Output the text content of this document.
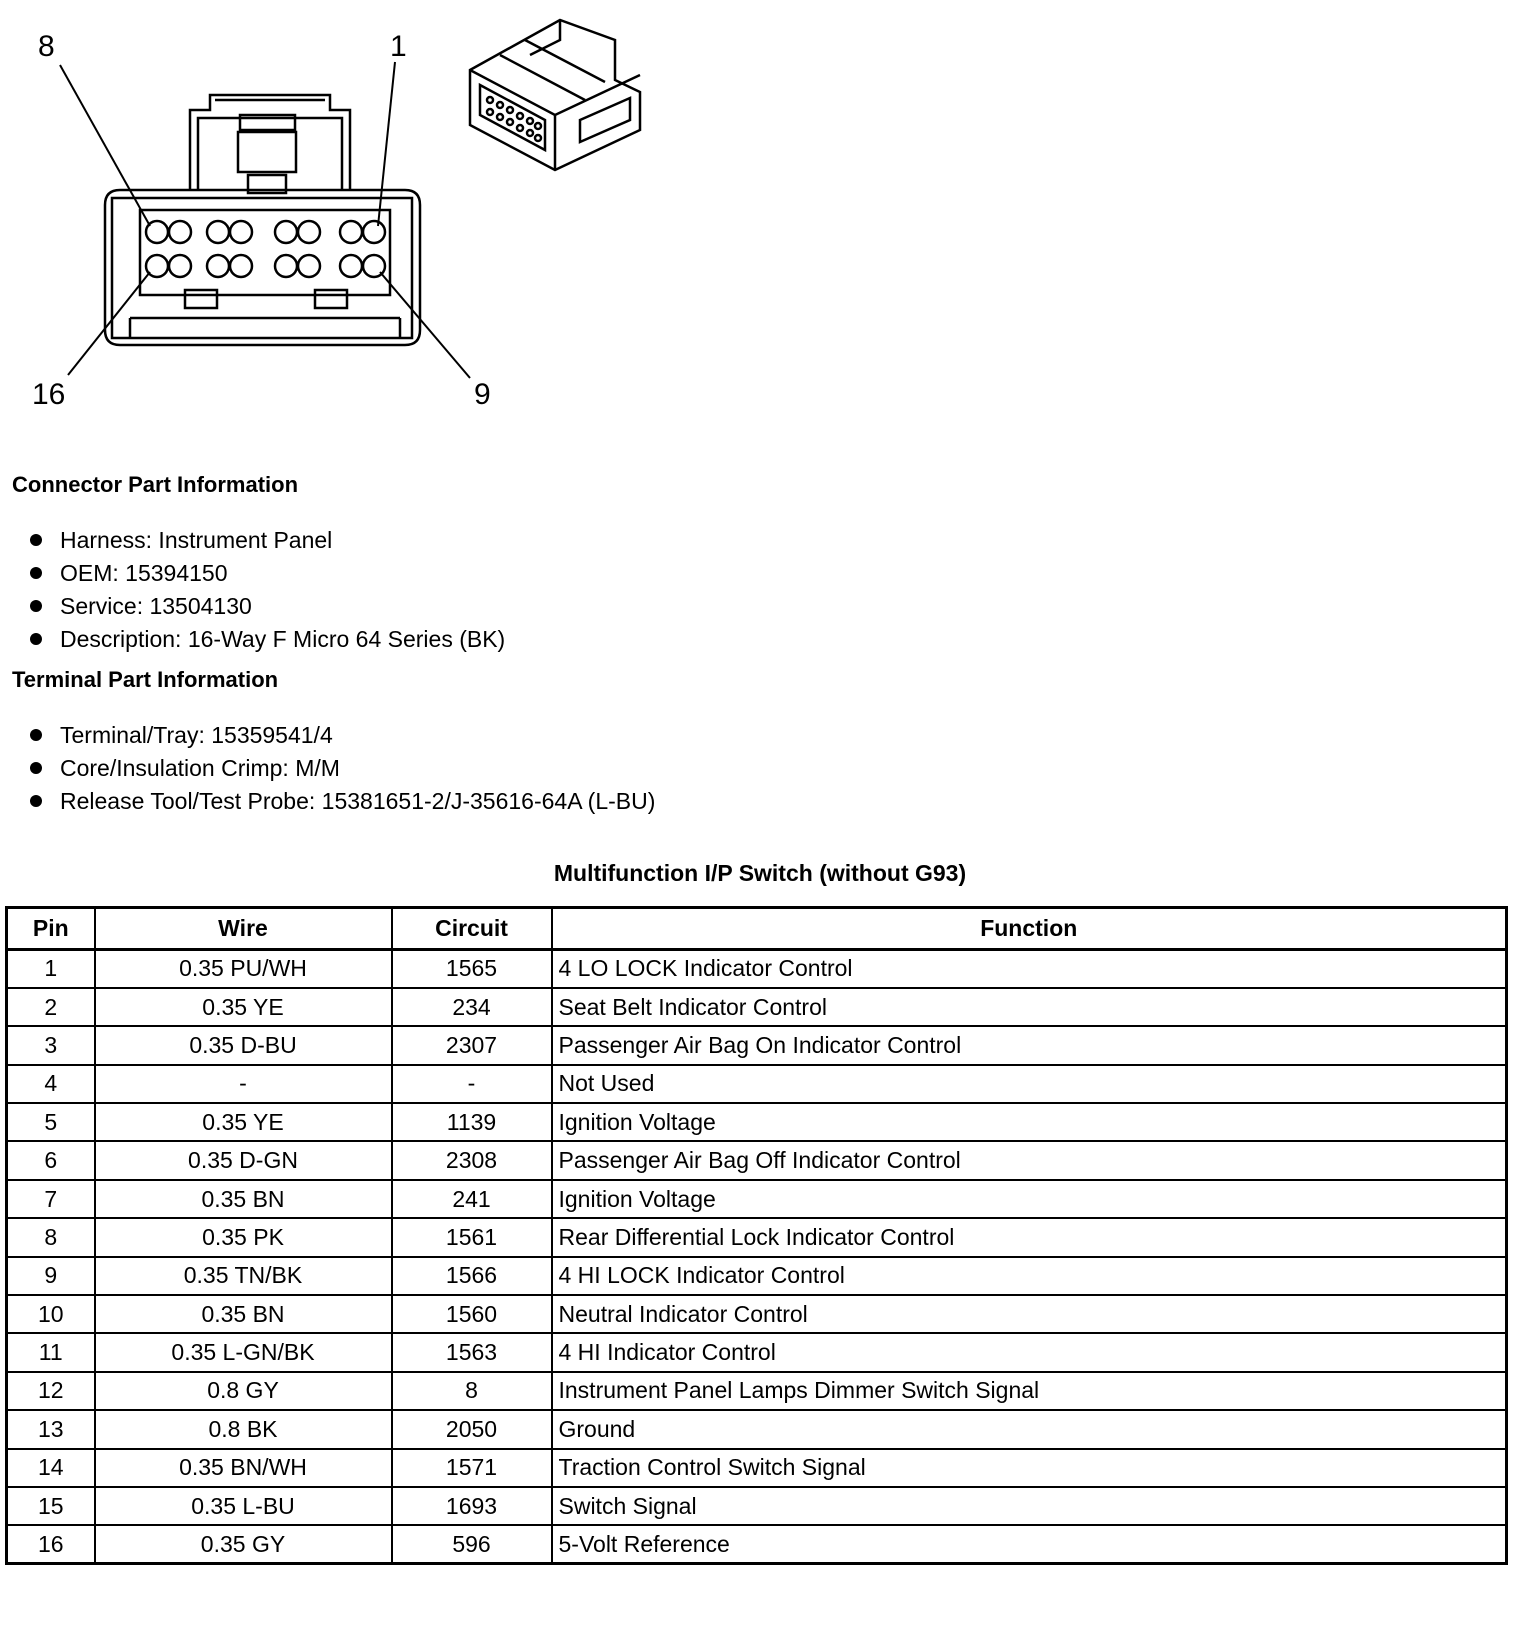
8	1
16	9
Connector Part Information
Harness: Instrument Panel
OEM: 15394150
Service: 13504130
Description: 16-Way F Micro 64 Series (BK)
Terminal Part Information
Terminal/Tray: 15359541/4
Core/Insulation Crimp: M/M
Release Tool/Test Probe: 15381651-2/J-35616-64A (L-BU)
Multifunction I/P Switch (without G93)
Pin	Wire	Circuit	Function
1	0.35 PU/WH	1565	4 LO LOCK Indicator Control
2	0.35 YE	234	Seat Belt Indicator Control
3	0.35 D-BU	2307	Passenger Air Bag On Indicator Control
4	-	-	Not Used
5	0.35 YE	1139	Ignition Voltage
6	0.35 D-GN	2308	Passenger Air Bag Off Indicator Control
7	0.35 BN	241	Ignition Voltage
8	0.35 PK	1561	Rear Differential Lock Indicator Control
9	0.35 TN/BK	1566	4 HI LOCK Indicator Control
10	0.35 BN	1560	Neutral Indicator Control
11	0.35 L-GN/BK	1563	4 HI Indicator Control
12	0.8 GY	8	Instrument Panel Lamps Dimmer Switch Signal
13	0.8 BK	2050	Ground
14	0.35 BN/WH	1571	Traction Control Switch Signal
15	0.35 L-BU	1693	Switch Signal
16	0.35 GY	596	5-Volt Reference
